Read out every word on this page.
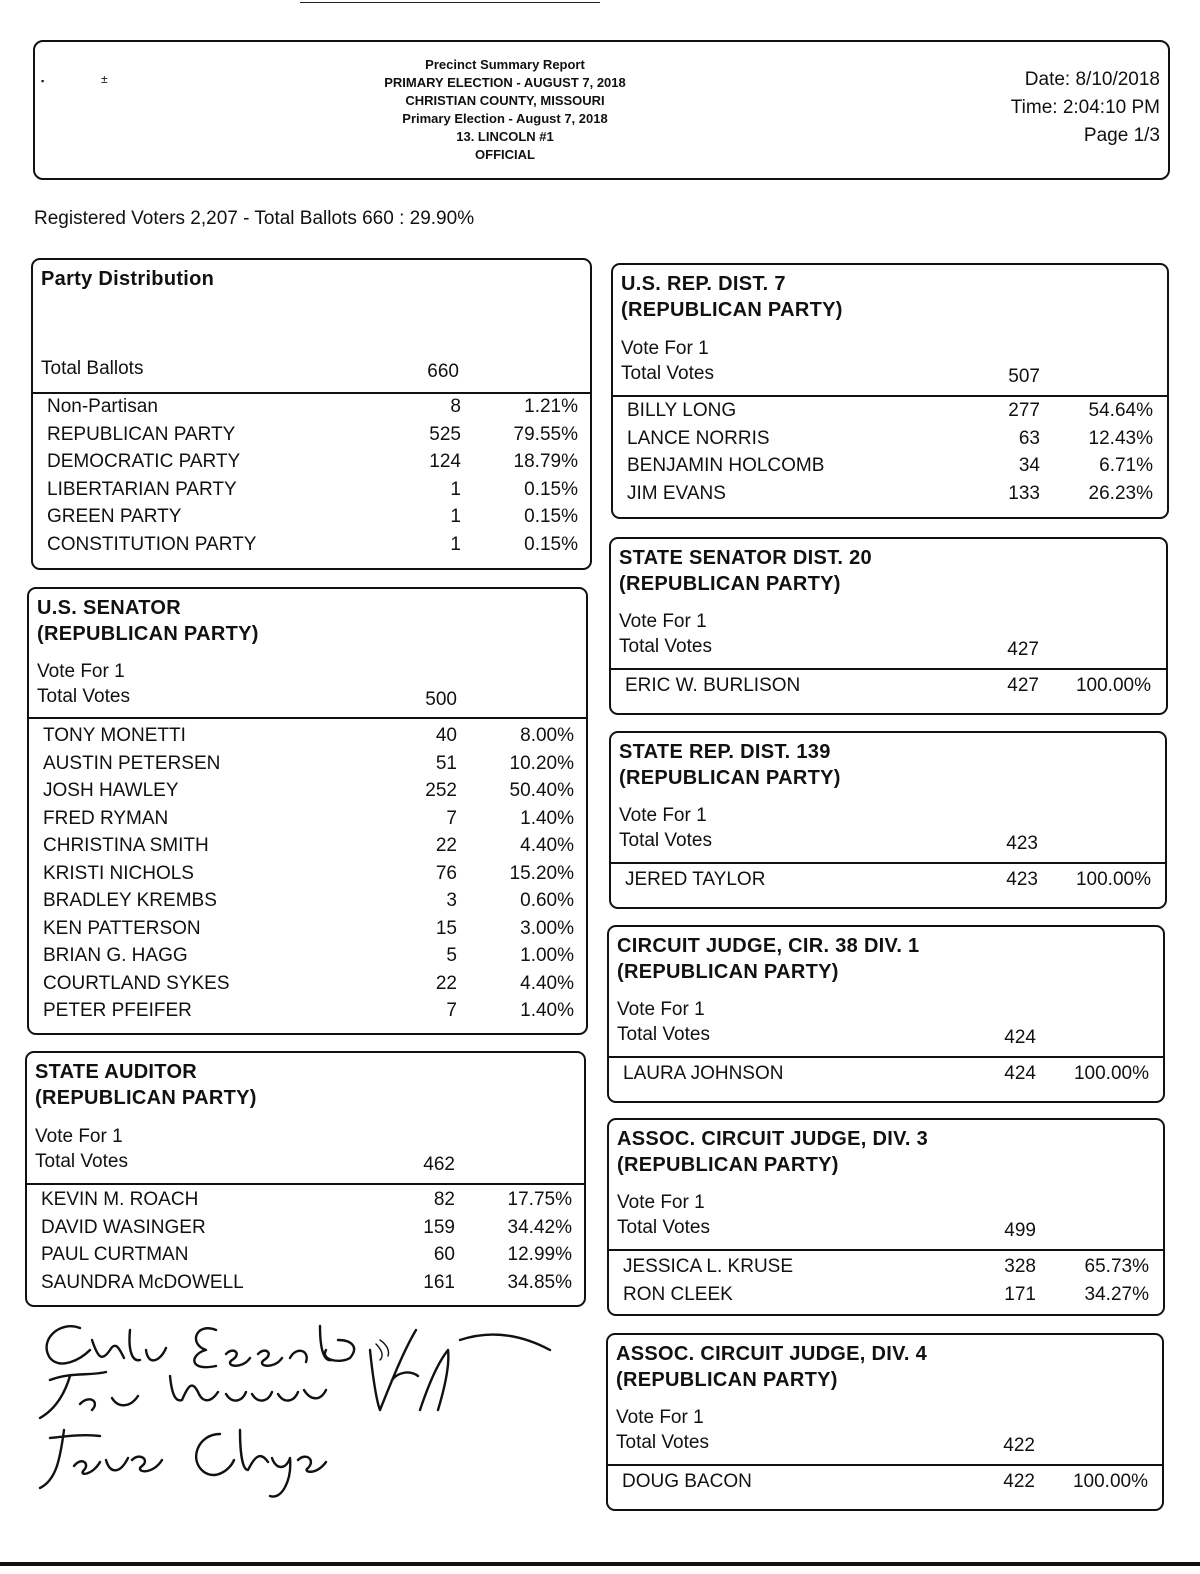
▪	±
Precinct Summary Report
PRIMARY ELECTION - AUGUST 7, 2018
CHRISTIAN COUNTY, MISSOURI
Primary Election - August 7, 2018
13. LINCOLN #1
OFFICIAL
Date: 8/10/2018
Time: 2:04:10 PM
Page 1/3
Registered Voters 2,207 - Total Ballots 660 : 29.90%
Party Distribution
Total Ballots	660
Non-Partisan	8	1.21%
REPUBLICAN PARTY	525	79.55%
DEMOCRATIC PARTY	124	18.79%
LIBERTARIAN PARTY	1	0.15%
GREEN PARTY	1	0.15%
CONSTITUTION PARTY	1	0.15%
U.S. SENATOR
(REPUBLICAN PARTY)
Vote For 1
Total Votes	500
TONY MONETTI	40	8.00%
AUSTIN PETERSEN	51	10.20%
JOSH HAWLEY	252	50.40%
FRED RYMAN	7	1.40%
CHRISTINA SMITH	22	4.40%
KRISTI NICHOLS	76	15.20%
BRADLEY KREMBS	3	0.60%
KEN PATTERSON	15	3.00%
BRIAN G. HAGG	5	1.00%
COURTLAND SYKES	22	4.40%
PETER PFEIFER	7	1.40%
STATE AUDITOR
(REPUBLICAN PARTY)
Vote For 1
Total Votes	462
KEVIN M. ROACH	82	17.75%
DAVID WASINGER	159	34.42%
PAUL CURTMAN	60	12.99%
SAUNDRA McDOWELL	161	34.85%
U.S. REP. DIST. 7
(REPUBLICAN PARTY)
Vote For 1
Total Votes	507
BILLY LONG	277	54.64%
LANCE NORRIS	63	12.43%
BENJAMIN HOLCOMB	34	6.71%
JIM EVANS	133	26.23%
STATE SENATOR DIST. 20
(REPUBLICAN PARTY)
Vote For 1
Total Votes	427
ERIC W. BURLISON	427	100.00%
STATE REP. DIST. 139
(REPUBLICAN PARTY)
Vote For 1
Total Votes	423
JERED TAYLOR	423	100.00%
CIRCUIT JUDGE, CIR. 38 DIV. 1
(REPUBLICAN PARTY)
Vote For 1
Total Votes	424
LAURA JOHNSON	424	100.00%
ASSOC. CIRCUIT JUDGE, DIV. 3
(REPUBLICAN PARTY)
Vote For 1
Total Votes	499
JESSICA L. KRUSE	328	65.73%
RON CLEEK	171	34.27%
ASSOC. CIRCUIT JUDGE, DIV. 4
(REPUBLICAN PARTY)
Vote For 1
Total Votes	422
DOUG BACON	422	100.00%
